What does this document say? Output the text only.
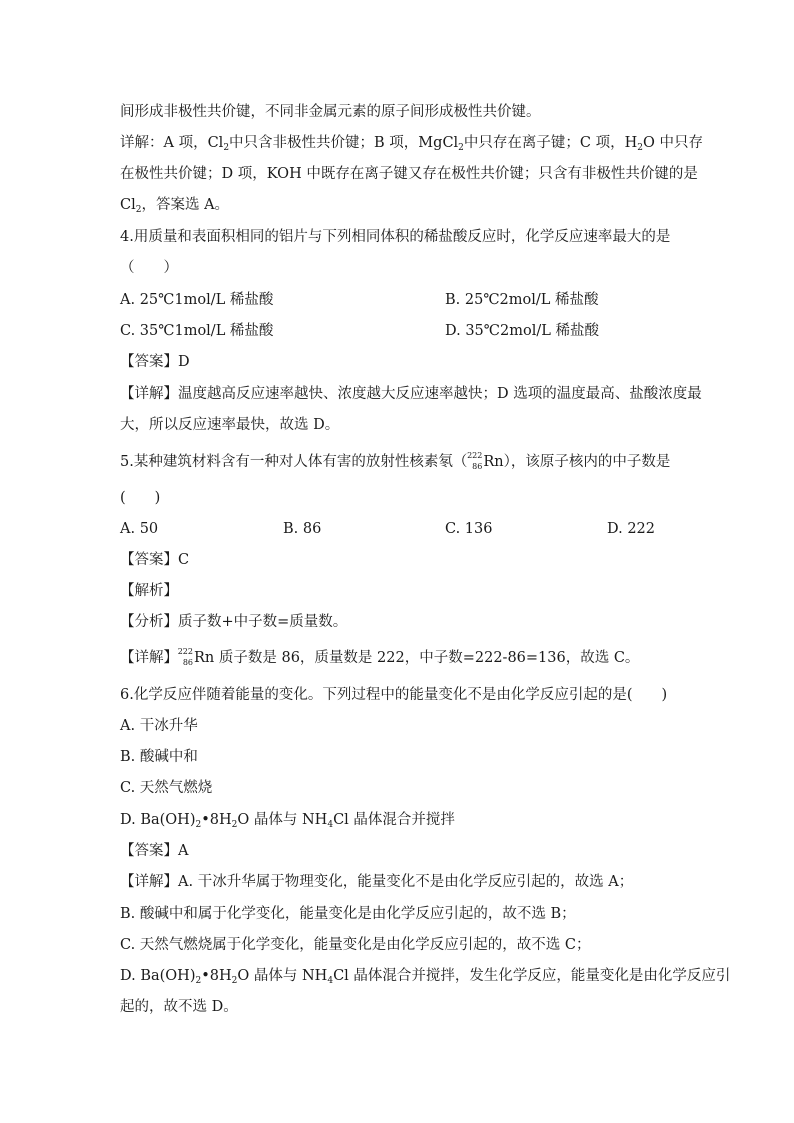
间形成非极性共价键，不同非金属元素的原子间形成极性共价键。
详解：A 项，$Cl_2$中只含非极性共价键；B 项，MgCl$_2$中只存在离子键；C 项，$H_2O$ 中只存
在极性共价键；D 项，KOH 中既存在离子键又存在极性共价键；只含有非极性共价键的是
$Cl_2$，答案选 A。
4.用质量和表面积相同的铝片与下列相同体积的稀盐酸反应时，化学反应速率最大的是
（　　）
A. 25℃1mol/L 稀盐酸	B. 25℃2mol/L 稀盐酸
C. 35℃1mol/L 稀盐酸	D. 35℃2mol/L 稀盐酸
【答案】D
【详解】温度越高反应速率越快、浓度越大反应速率越快；D 选项的温度最高、盐酸浓度最
大，所以反应速率最快，故选 D。
5.某种建筑材料含有一种对人体有害的放射性核素氡（ 222
86 Rn），该原子核内的中子数是
(　　)
A. 50	B. 86	C. 136	D. 222
【答案】C
【解析】
【分析】质子数+中子数=质量数。
【详解】 222
86 Rn 质子数是 86，质量数是 222，中子数=222-86=136，故选 C。
6.化学反应伴随着能量的变化。下列过程中的能量变化不是由化学反应引起的是(　　)
A. 干冰升华
B. 酸碱中和
C. 天然气燃烧
D. $Ba(OH)_2•8H_2O$ 晶体与 $NH_4Cl$ 晶体混合并搅拌
【答案】A
【详解】A. 干冰升华属于物理变化，能量变化不是由化学反应引起的，故选 A；
B. 酸碱中和属于化学变化，能量变化是由化学反应引起的，故不选 B；
C. 天然气燃烧属于化学变化，能量变化是由化学反应引起的，故不选 C；
D. $Ba(OH)_2•8H_2O$ 晶体与 $NH_4Cl$ 晶体混合并搅拌，发生化学反应，能量变化是由化学反应引
起的，故不选 D。
